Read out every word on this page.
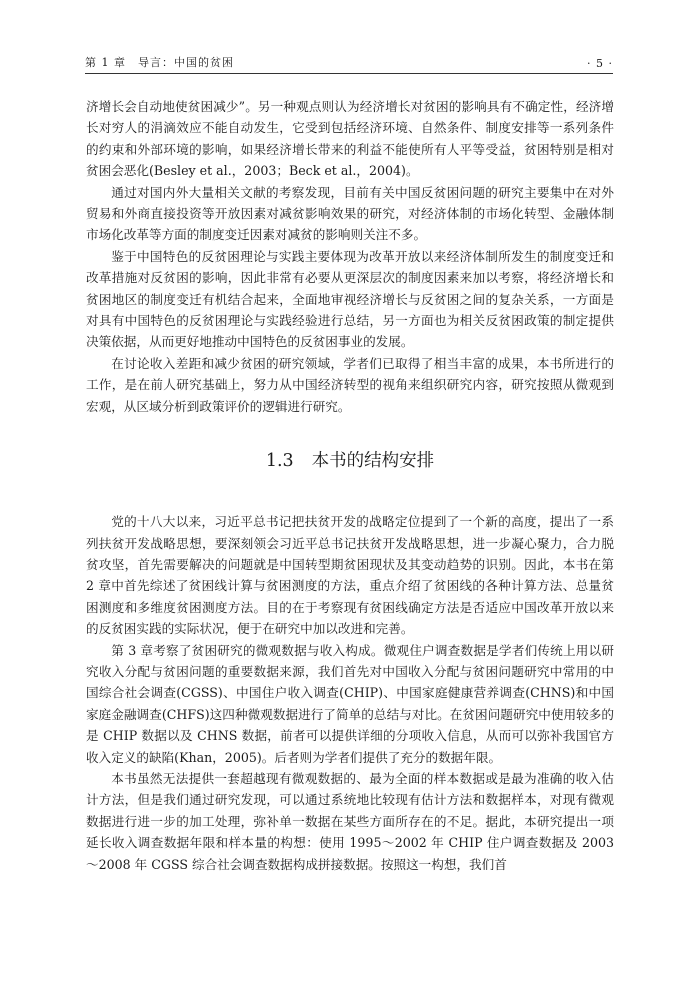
第 1 章　导言：中国的贫困	· 5 ·

济增长会自动地使贫困减少”。另一种观点则认为经济增长对贫困的影响具有不确定性，经济增长对穷人的涓滴效应不能自动发生，它受到包括经济环境、自然条件、制度安排等一系列条件的约束和外部环境的影响，如果经济增长带来的利益不能使所有人平等受益，贫困特别是相对贫困会恶化(Besley et al.，2003；Beck et al.，2004)。

通过对国内外大量相关文献的考察发现，目前有关中国反贫困问题的研究主要集中在对外贸易和外商直接投资等开放因素对减贫影响效果的研究，对经济体制的市场化转型、金融体制市场化改革等方面的制度变迁因素对减贫的影响则关注不多。

鉴于中国特色的反贫困理论与实践主要体现为改革开放以来经济体制所发生的制度变迁和改革措施对反贫困的影响，因此非常有必要从更深层次的制度因素来加以考察，将经济增长和贫困地区的制度变迁有机结合起来，全面地审视经济增长与反贫困之间的复杂关系，一方面是对具有中国特色的反贫困理论与实践经验进行总结，另一方面也为相关反贫困政策的制定提供决策依据，从而更好地推动中国特色的反贫困事业的发展。

在讨论收入差距和减少贫困的研究领域，学者们已取得了相当丰富的成果，本书所进行的工作，是在前人研究基础上，努力从中国经济转型的视角来组织研究内容，研究按照从微观到宏观，从区域分析到政策评价的逻辑进行研究。

1.3 本书的结构安排

党的十八大以来，习近平总书记把扶贫开发的战略定位提到了一个新的高度，提出了一系列扶贫开发战略思想，要深刻领会习近平总书记扶贫开发战略思想，进一步凝心聚力，合力脱贫攻坚，首先需要解决的问题就是中国转型期贫困现状及其变动趋势的识别。因此，本书在第 2 章中首先综述了贫困线计算与贫困测度的方法，重点介绍了贫困线的各种计算方法、总量贫困测度和多维度贫困测度方法。目的在于考察现有贫困线确定方法是否适应中国改革开放以来的反贫困实践的实际状况，便于在研究中加以改进和完善。

第 3 章考察了贫困研究的微观数据与收入构成。微观住户调查数据是学者们传统上用以研究收入分配与贫困问题的重要数据来源，我们首先对中国收入分配与贫困问题研究中常用的中国综合社会调查(CGSS)、中国住户收入调查(CHIP)、中国家庭健康营养调查(CHNS)和中国家庭金融调查(CHFS)这四种微观数据进行了简单的总结与对比。在贫困问题研究中使用较多的是 CHIP 数据以及 CHNS 数据，前者可以提供详细的分项收入信息，从而可以弥补我国官方收入定义的缺陷(Khan，2005)。后者则为学者们提供了充分的数据年限。

本书虽然无法提供一套超越现有微观数据的、最为全面的样本数据或是最为准确的收入估计方法，但是我们通过研究发现，可以通过系统地比较现有估计方法和数据样本，对现有微观数据进行进一步的加工处理，弥补单一数据在某些方面所存在的不足。据此，本研究提出一项延长收入调查数据年限和样本量的构想：使用 1995～2002 年 CHIP 住户调查数据及 2003～2008 年 CGSS 综合社会调查数据构成拼接数据。按照这一构想，我们首
